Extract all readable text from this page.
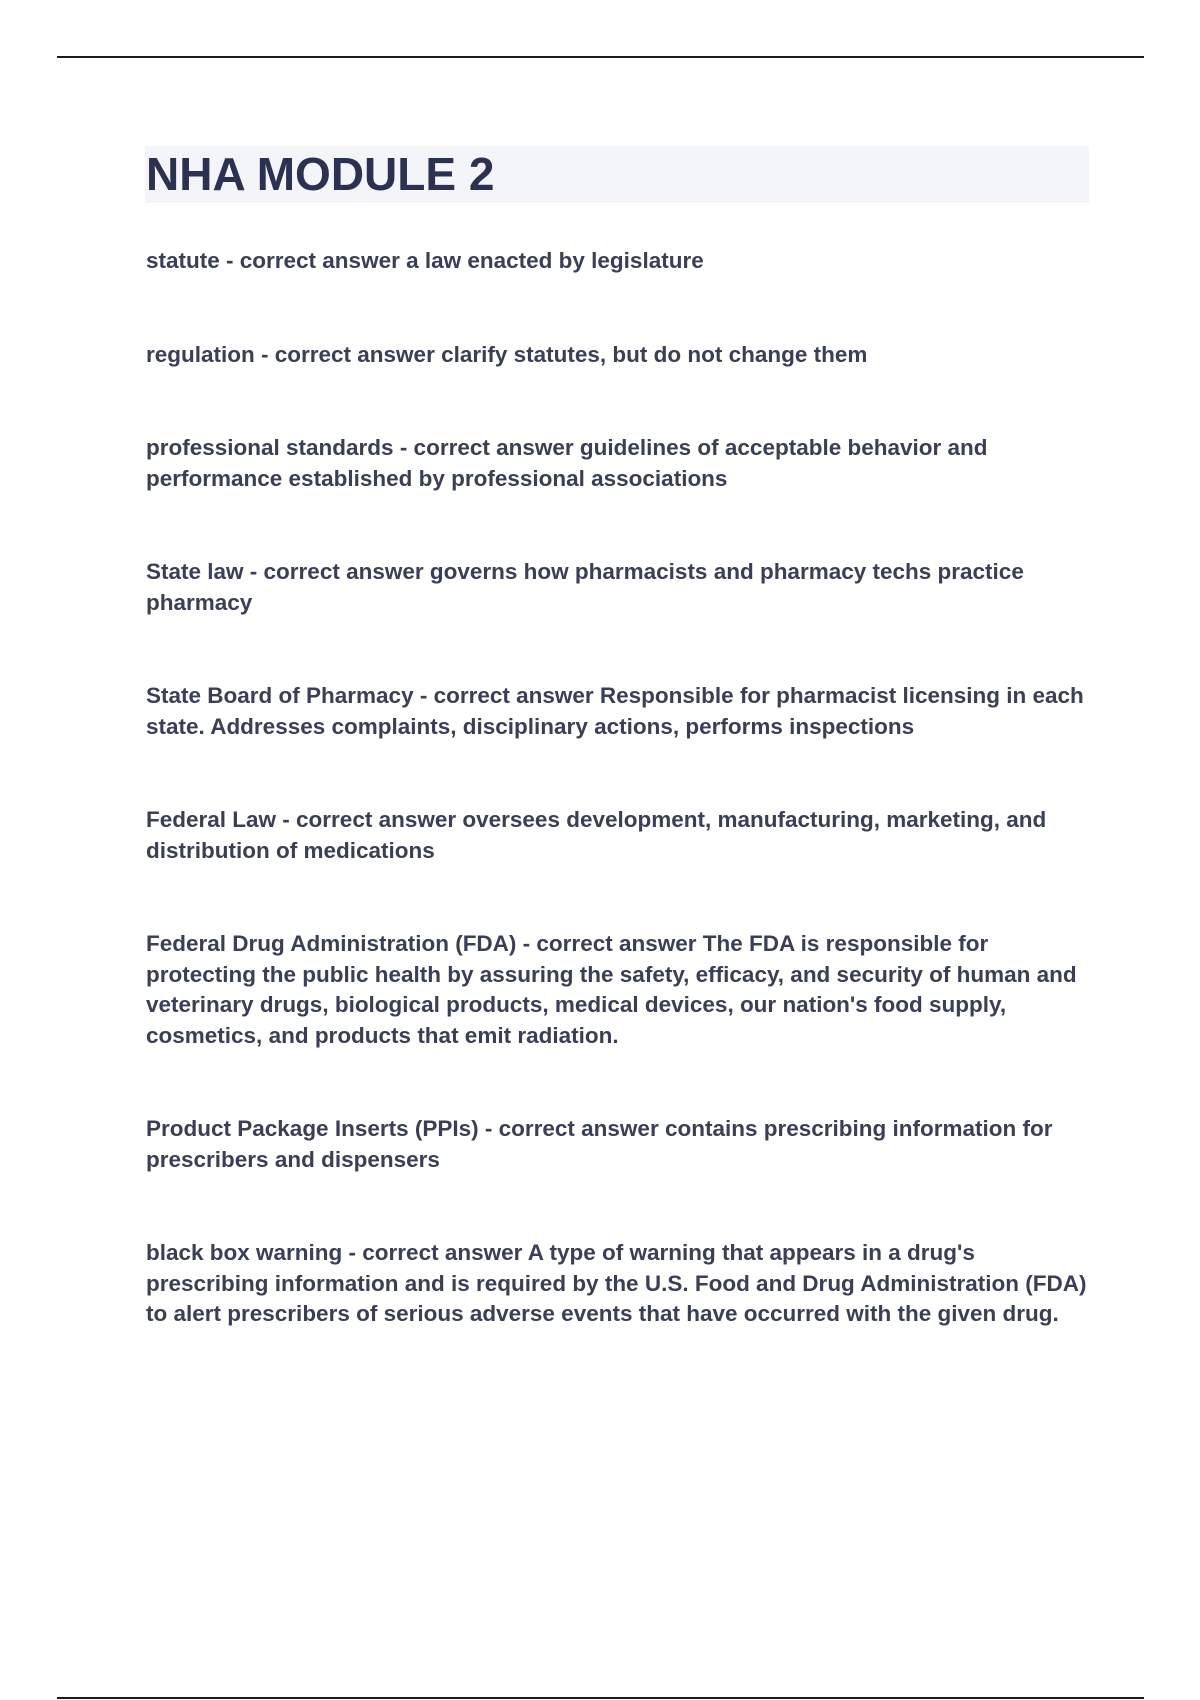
NHA MODULE 2

statute - correct answer a law enacted by legislature

regulation - correct answer clarify statutes, but do not change them

professional standards - correct answer guidelines of acceptable behavior and performance established by professional associations

State law - correct answer governs how pharmacists and pharmacy techs practice pharmacy

State Board of Pharmacy - correct answer Responsible for pharmacist licensing in each state. Addresses complaints, disciplinary actions, performs inspections

Federal Law - correct answer oversees development, manufacturing, marketing, and distribution of medications

Federal Drug Administration (FDA) - correct answer The FDA is responsible for protecting the public health by assuring the safety, efficacy, and security of human and veterinary drugs, biological products, medical devices, our nation's food supply, cosmetics, and products that emit radiation.

Product Package Inserts (PPIs) - correct answer contains prescribing information for prescribers and dispensers

black box warning - correct answer A type of warning that appears in a drug's prescribing information and is required by the U.S. Food and Drug Administration (FDA) to alert prescribers of serious adverse events that have occurred with the given drug.
